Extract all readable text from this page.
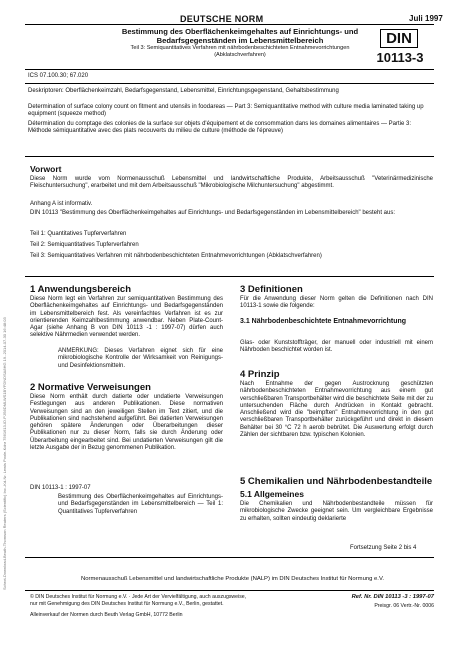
Schrot-Download-Beuth-Thomson Reuters (Scientific) Inc.-Kd-Nr. Lewis Poole-Kdnr 7561613-ID.PJS6DMLWS1BYFDNDSA8HG 19.-2014-07-30 16:48:03
DEUTSCHE NORM	Juli 1997
Bestimmung des Oberflächenkeimgehaltes auf Einrichtungs- und Bedarfsgegenständen im Lebensmittelbereich
Teil 3: Semiquantitatives Verfahren mit nährbodenbeschichteten Entnahmevorrichtungen (Abklatschverfahren)
DIN
10113-3
ICS 07.100.30; 67.020
Deskriptoren: Oberflächenkeimzahl, Bedarfsgegenstand, Lebensmittel, Einrichtungsgegenstand, Gehaltsbestimmung
Determination of surface colony count on fitment and utensils in foodareas — Part 3: Semiquantitative method with culture media laminated taking up equipment (squeeze method)
Détermination du comptage des colonies de la surface sur objets d'équipement et de consommation dans les domaines alimentaires — Partie 3: Méthode sémiquantitative avec des plats recouverts du milieu de culture (méthode de l'épreuve)
Vorwort
Diese Norm wurde vom Normenausschuß Lebensmittel und landwirtschaftliche Produkte, Arbeitsausschuß "Veterinärmedizinische Fleischuntersuchung", erarbeitet und mit dem Arbeitsausschuß "Mikrobiologische Milchuntersuchung" abgestimmt.
Anhang A ist informativ.
DIN 10113 "Bestimmung des Oberflächenkeimgehaltes auf Einrichtungs- und Bedarfsgegenständen im Lebensmittelbereich" besteht aus:
Teil 1: Quantitatives Tupferverfahren
Teil 2: Semiquantitatives Tupferverfahren
Teil 3: Semiquantitatives Verfahren mit nährbodenbeschichteten Entnahmevorrichtungen (Abklatschverfahren)
1 Anwendungsbereich
Diese Norm legt ein Verfahren zur semiquantitativen Bestimmung des Oberflächenkeimgehaltes auf Einrichtungs- und Bedarfsgegenständen im Lebensmittelbereich fest. Als vereinfachtes Verfahren ist es zur orientierenden Keimzahlbestimmung anwendbar. Neben Plate-Count-Agar (siehe Anhang B von DIN 10113 -1 : 1997-07) dürfen auch selektive Nährmedien verwendet werden.
ANMERKUNG: Dieses Verfahren eignet sich für eine mikrobiologische Kontrolle der Wirksamkeit von Reinigungs- und Desinfektionsmitteln.
2 Normative Verweisungen
Diese Norm enthält durch datierte oder undatierte Verweisungen Festlegungen aus anderen Publikationen. Diese normativen Verweisungen sind an den jeweiligen Stellen im Text zitiert, und die Publikationen sind nachstehend aufgeführt. Bei datierten Verweisungen gehören spätere Änderungen oder Überarbeitungen dieser Publikationen nur zu dieser Norm, falls sie durch Änderung oder Überarbeitung eingearbeitet sind. Bei undatierten Verweisungen gilt die letzte Ausgabe der in Bezug genommenen Publikation.
DIN 10113-1 : 1997-07
Bestimmung des Oberflächenkeimgehaltes auf Einrichtungs- und Bedarfsgegenständen im Lebensmittelbereich — Teil 1: Quantitatives Tupferverfahren
3 Definitionen
Für die Anwendung dieser Norm gelten die Definitionen nach DIN 10113-1 sowie die folgende:
3.1 Nährbodenbeschichtete Entnahmevorrichtung
Glas- oder Kunststoffträger, der manuell oder industriell mit einem Nährboden beschichtet worden ist.
4 Prinzip
Nach Entnahme der gegen Austrocknung geschützten nährbodenbeschichteten Entnahmevorrichtung aus einem gut verschließbaren Transportbehälter wird die beschichtete Seite mit der zu untersuchenden Fläche durch Andrücken in Kontakt gebracht. Anschließend wird die "beimpften" Entnahmevorrichtung in den gut verschließbaren Transportbehälter zurückgeführt und direkt in diesem Behälter bei 30 °C 72 h aerob bebrütet. Die Auswertung erfolgt durch Zählen der sichtbaren bzw. typischen Kolonien.
5 Chemikalien und Nährbodenbestandteile
5.1 Allgemeines
Die Chemikalien und Nährbodenbestandteile müssen für mikrobiologische Zwecke geeignet sein. Um vergleichbare Ergebnisse zu erhalten, sollten eindeutig deklarierte
Fortsetzung Seite 2 bis 4
Normenausschuß Lebensmittel und landwirtschaftliche Produkte (NALP) im DIN Deutsches Institut für Normung e.V.
© DIN Deutsches Institut für Normung e.V. · Jede Art der Vervielfältigung, auch auszugsweise,
nur mit Genehmigung des DIN Deutsches Institut für Normung e.V., Berlin, gestattet.
Alleinverkauf der Normen durch Beuth Verlag GmbH, 10772 Berlin
Ref. Nr. DIN 10113 -3 : 1997-07
Preisgr. 06 Vertr.-Nr. 0006
